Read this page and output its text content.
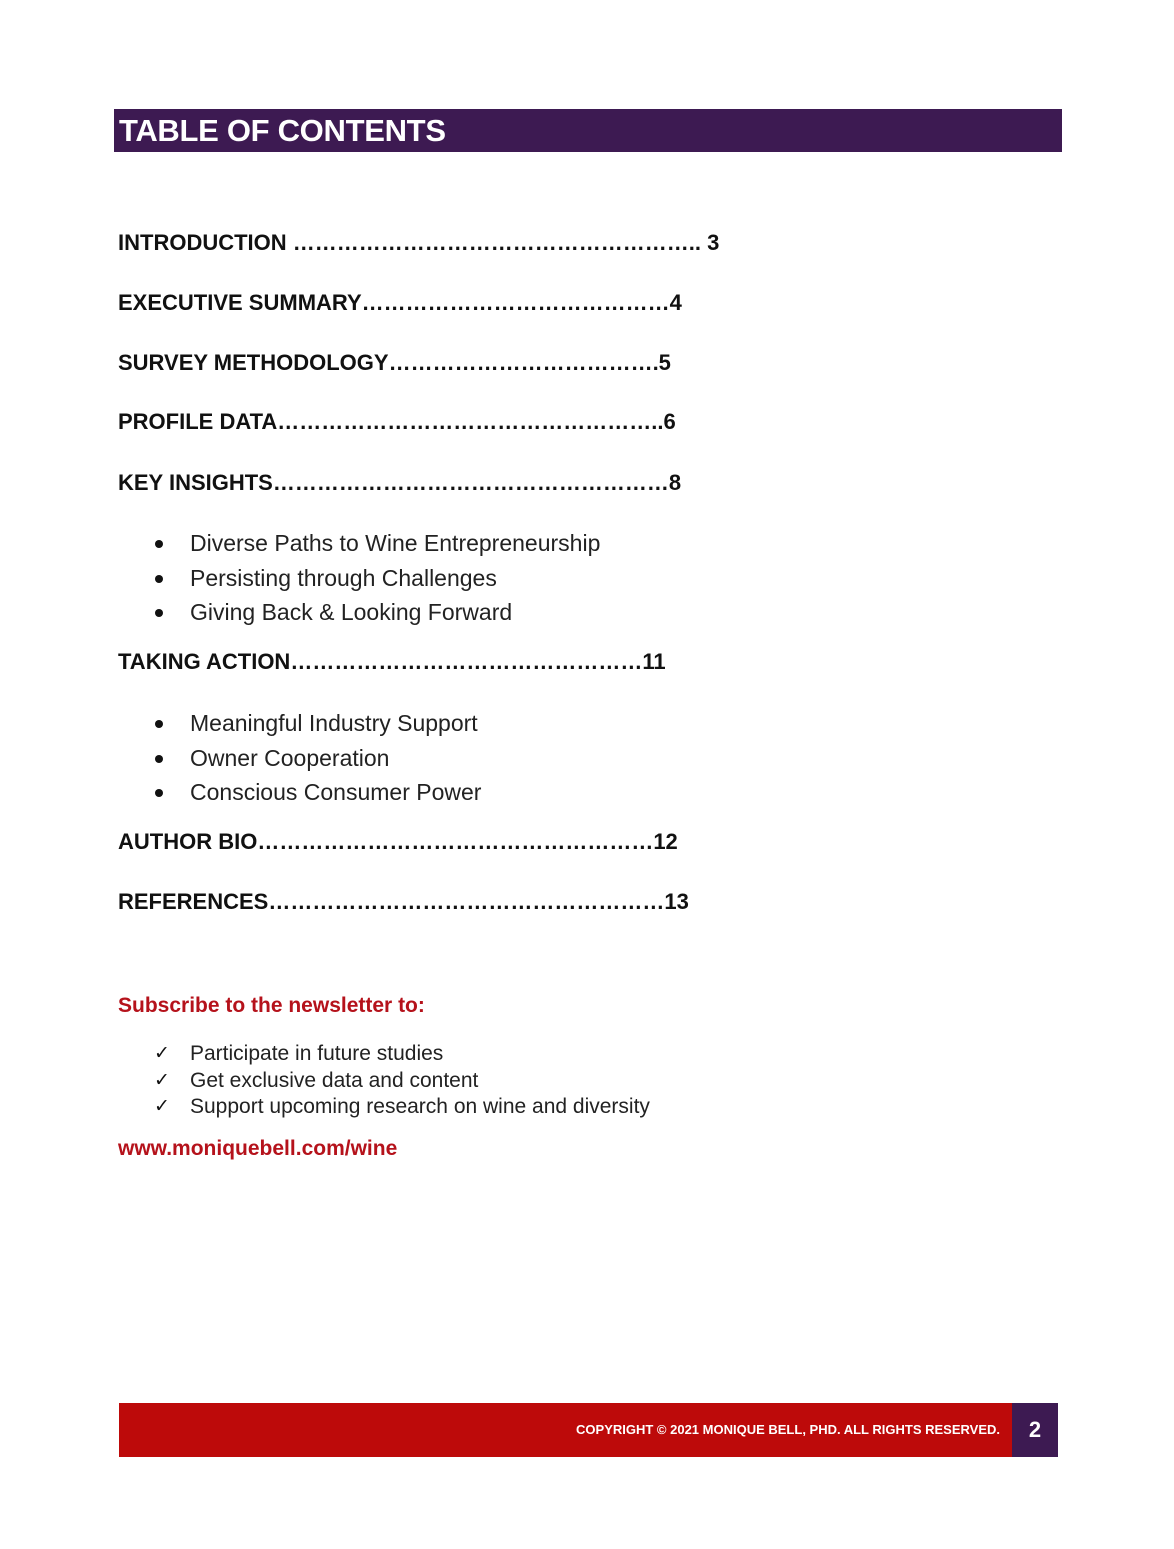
TABLE OF CONTENTS
INTRODUCTION ……………………………………………….. 3
EXECUTIVE SUMMARY……………………………………4
SURVEY METHODOLOGY……………………………….5
PROFILE DATA……………………………………………..6
KEY INSIGHTS………………………………………………8
Diverse Paths to Wine Entrepreneurship
Persisting through Challenges
Giving Back & Looking Forward
TAKING ACTION…………………………………………11
Meaningful Industry Support
Owner Cooperation
Conscious Consumer Power
AUTHOR BIO………………………………………………12
REFERENCES………………………………………………13
Subscribe to the newsletter to:
✓ Participate in future studies
✓ Get exclusive data and content
✓ Support upcoming research on wine and diversity
www.moniquebell.com/wine
COPYRIGHT © 2021 MONIQUE BELL, PHD. ALL RIGHTS RESERVED.	2
